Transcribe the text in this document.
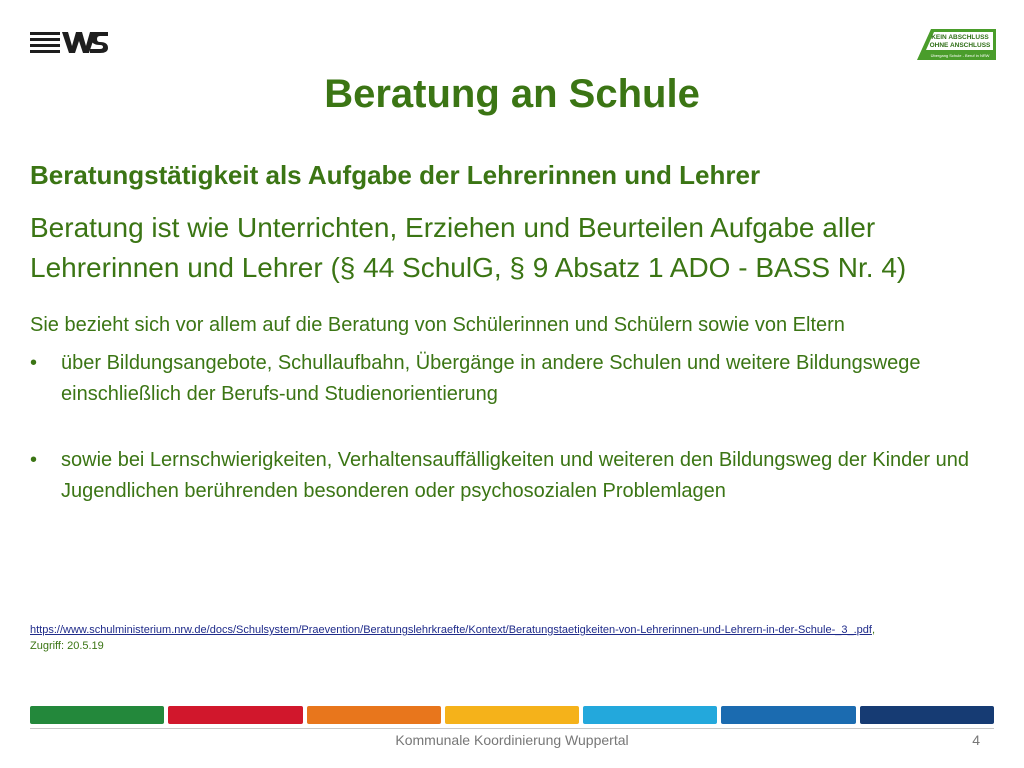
KEIN ABSCHLUSS
OHNE ANSCHLUSS
Übergang Schule - Beruf in NRW
Beratung an Schule
Beratungstätigkeit als Aufgabe der Lehrerinnen und Lehrer
Beratung ist wie Unterrichten, Erziehen und Beurteilen Aufgabe aller Lehrerinnen und Lehrer (§ 44 SchulG, § 9 Absatz 1 ADO - BASS Nr. 4)
Sie bezieht sich vor allem auf die Beratung von Schülerinnen und Schülern sowie von Eltern
• über Bildungsangebote, Schullaufbahn, Übergänge in andere Schulen und weitere Bildungswege einschließlich der Berufs-und Studienorientierung
• sowie bei Lernschwierigkeiten, Verhaltensauffälligkeiten und weiteren den Bildungsweg der Kinder und Jugendlichen berührenden besonderen oder psychosozialen Problemlagen
https://www.schulministerium.nrw.de/docs/Schulsystem/Praevention/Beratungslehrkraefte/Kontext/Beratungstaetigkeiten-von-Lehrerinnen-und-Lehrern-in-der-Schule-_3_.pdf,
Zugriff: 20.5.19
Kommunale Koordinierung Wuppertal	4
